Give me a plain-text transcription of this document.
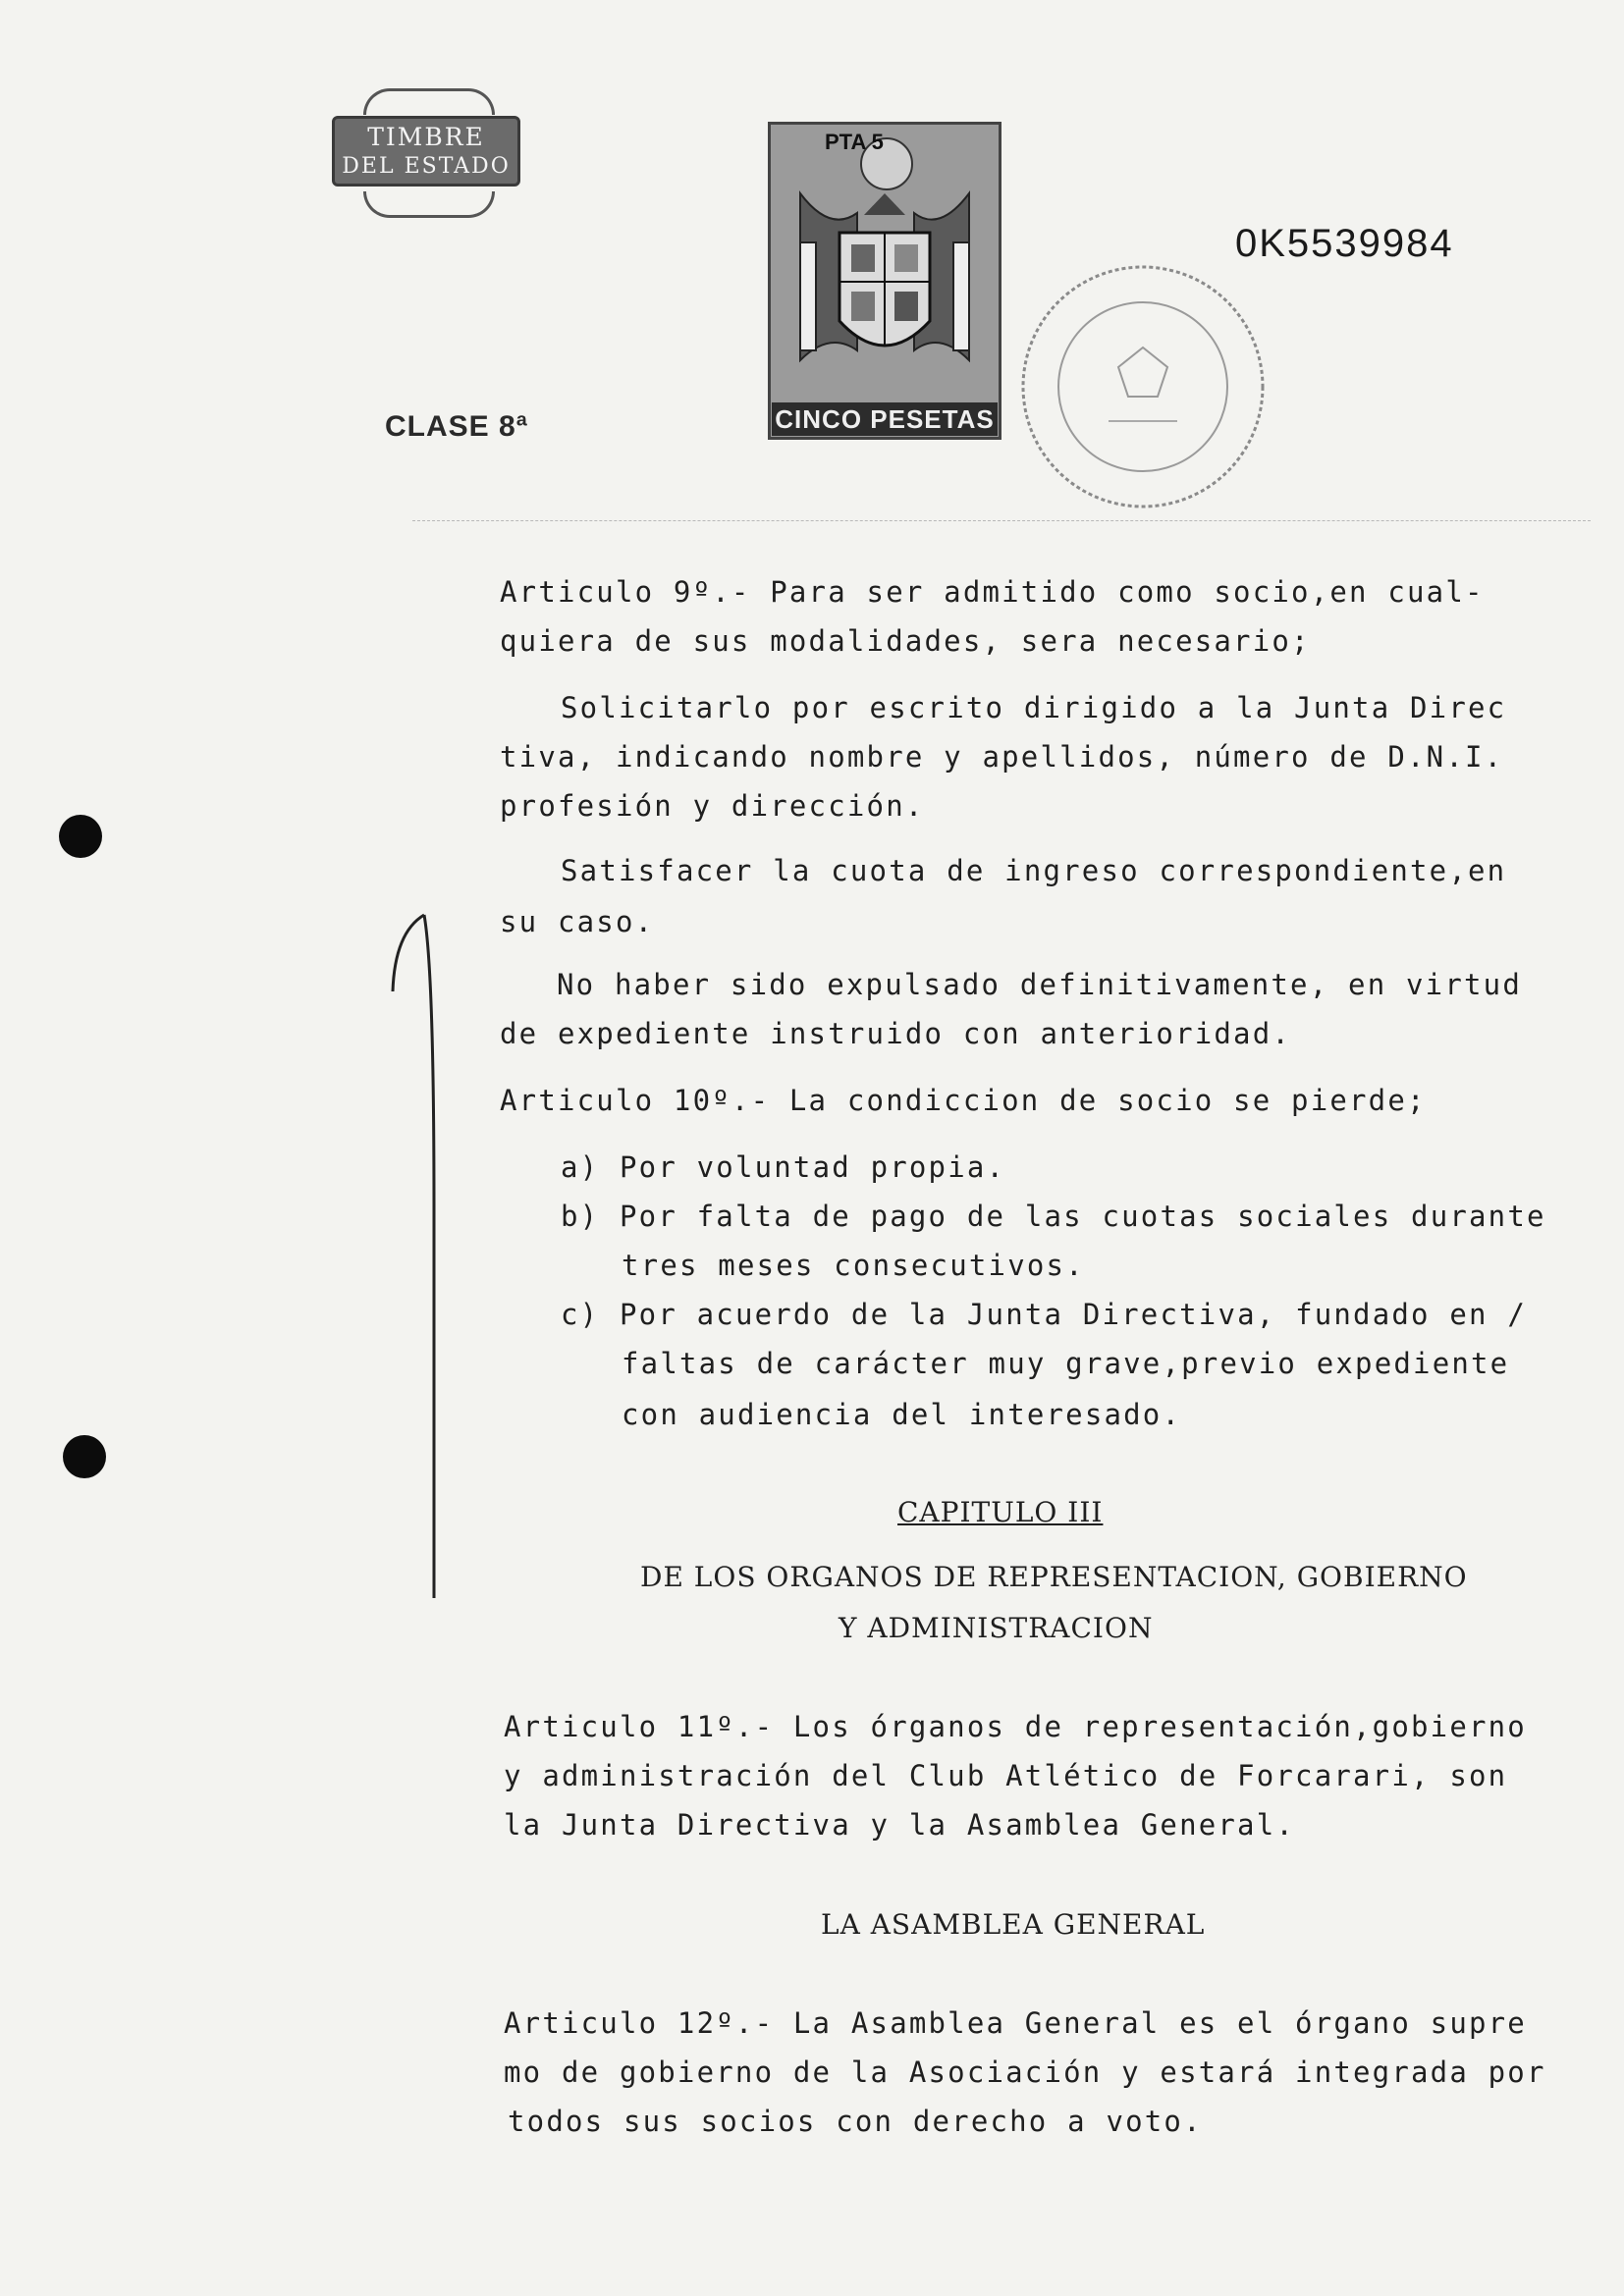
TIMBRE
DEL ESTADO
CLASE 8ª
PTA 5
CINCO PESETAS
0K5539984
Articulo 9º.- Para ser admitido como socio,en cual-
quiera de sus modalidades, sera necesario;
Solicitarlo por escrito dirigido a la Junta Direc
tiva, indicando nombre y apellidos, número de D.N.I.
profesión y dirección.
Satisfacer la cuota de ingreso correspondiente,en
su caso.
No haber sido expulsado definitivamente, en virtud
de expediente instruido con anterioridad.
Articulo 10º.- La condiccion de socio se pierde;
a) Por voluntad propia.
b) Por falta de pago de las cuotas sociales durante
tres meses consecutivos.
c) Por acuerdo de la Junta Directiva, fundado en /
faltas de carácter muy grave,previo expediente
con audiencia del interesado.
CAPITULO III
DE LOS ORGANOS DE REPRESENTACION, GOBIERNO
Y ADMINISTRACION
Articulo 11º.- Los órganos de representación,gobierno
y administración del Club Atlético de Forcarari, son
la Junta Directiva y la Asamblea General.
LA ASAMBLEA GENERAL
Articulo 12º.- La Asamblea General es el órgano supre
mo de gobierno de la Asociación y estará integrada por
todos sus socios con derecho a voto.
